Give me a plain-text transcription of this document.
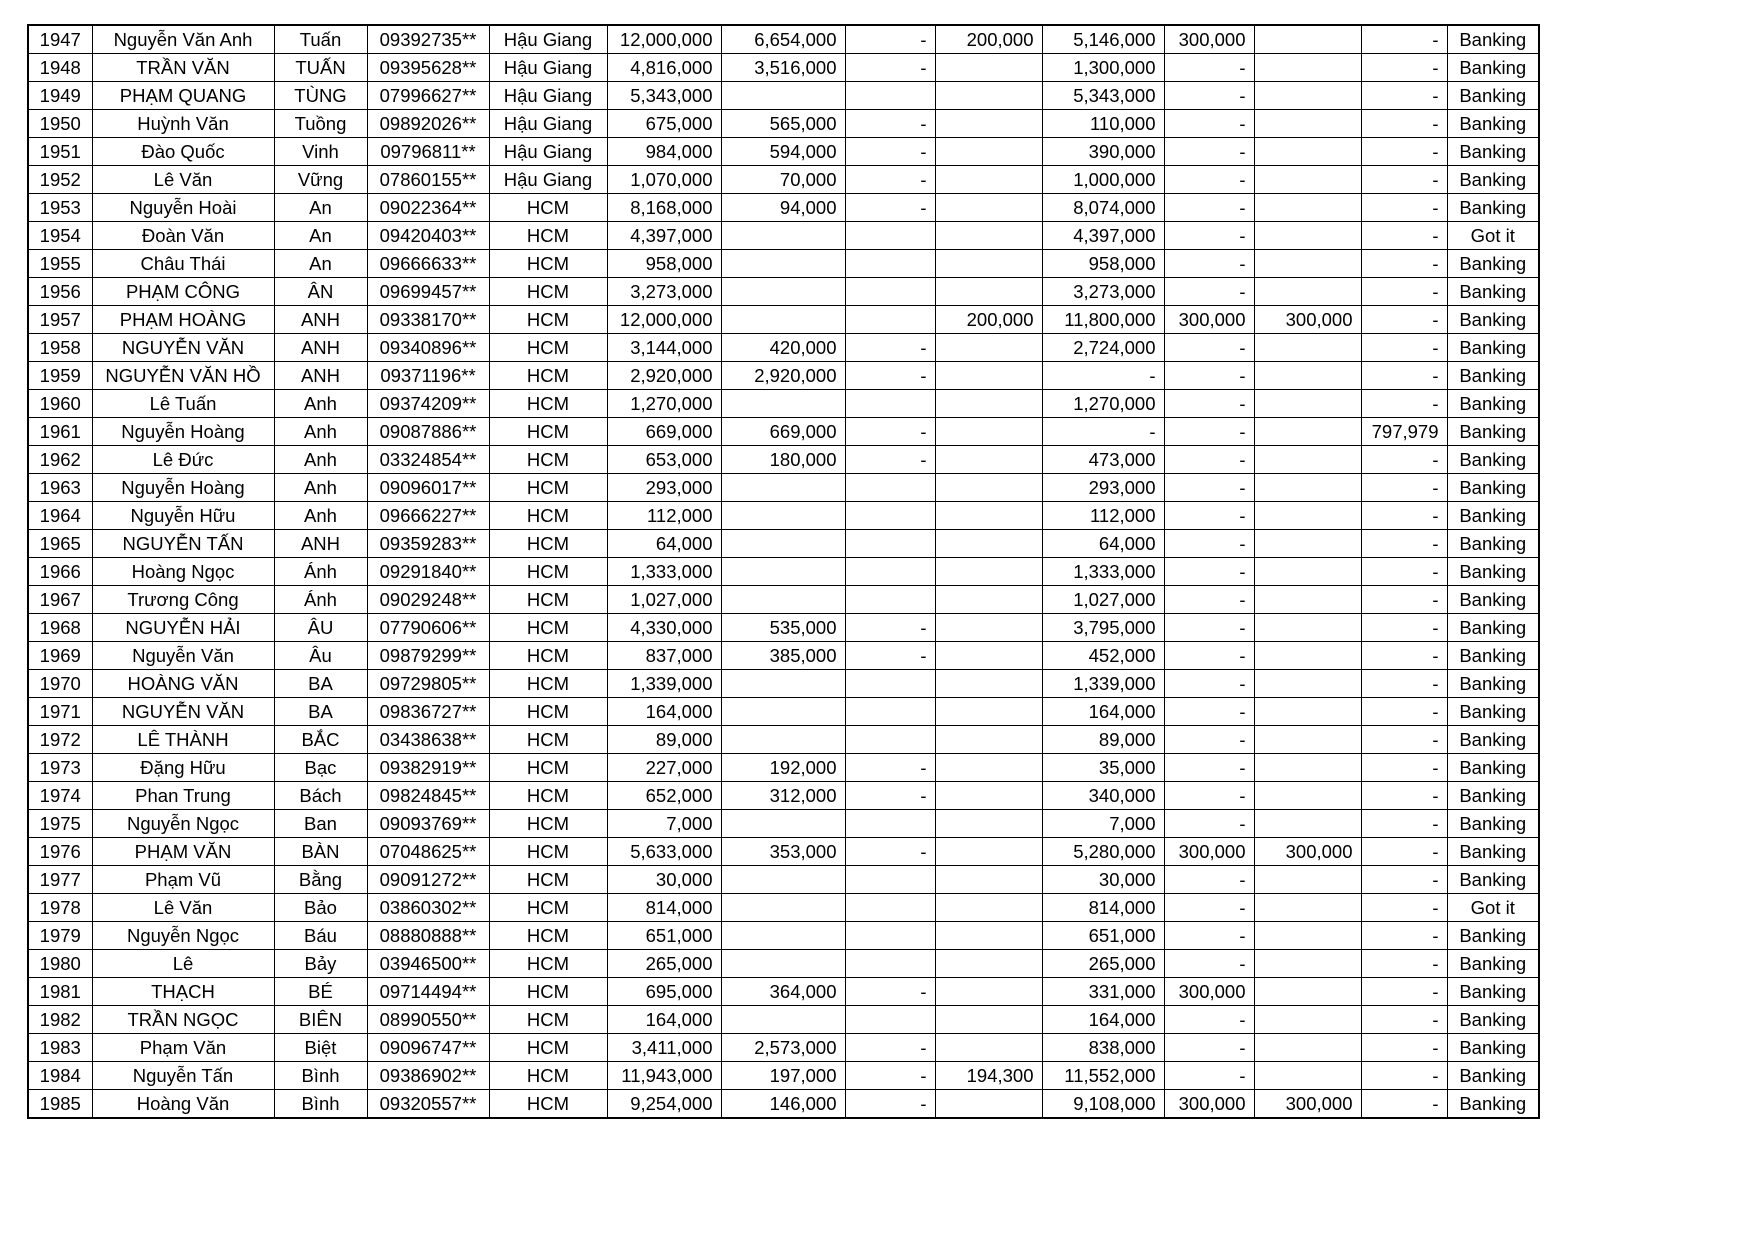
1947	Nguyễn Văn Anh	Tuấn	09392735**	Hậu Giang	12,000,000	6,654,000	-	200,000	5,146,000	300,000		-	Banking
1948	TRẦN VĂN	TUẤN	09395628**	Hậu Giang	4,816,000	3,516,000	-		1,300,000	-		-	Banking
1949	PHẠM QUANG	TÙNG	07996627**	Hậu Giang	5,343,000				5,343,000	-		-	Banking
1950	Huỳnh Văn	Tuồng	09892026**	Hậu Giang	675,000	565,000	-		110,000	-		-	Banking
1951	Đào Quốc	Vinh	09796811**	Hậu Giang	984,000	594,000	-		390,000	-		-	Banking
1952	Lê Văn	Vững	07860155**	Hậu Giang	1,070,000	70,000	-		1,000,000	-		-	Banking
1953	Nguyễn Hoài	An	09022364**	HCM	8,168,000	94,000	-		8,074,000	-		-	Banking
1954	Đoàn Văn	An	09420403**	HCM	4,397,000				4,397,000	-		-	Got it
1955	Châu Thái	An	09666633**	HCM	958,000				958,000	-		-	Banking
1956	PHẠM CÔNG	ÂN	09699457**	HCM	3,273,000				3,273,000	-		-	Banking
1957	PHẠM HOÀNG	ANH	09338170**	HCM	12,000,000			200,000	11,800,000	300,000	300,000	-	Banking
1958	NGUYỄN VĂN	ANH	09340896**	HCM	3,144,000	420,000	-		2,724,000	-		-	Banking
1959	NGUYỄN VĂN HỒ	ANH	09371196**	HCM	2,920,000	2,920,000	-		-	-		-	Banking
1960	Lê Tuấn	Anh	09374209**	HCM	1,270,000				1,270,000	-		-	Banking
1961	Nguyễn Hoàng	Anh	09087886**	HCM	669,000	669,000	-		-	-		797,979	Banking
1962	Lê Đức	Anh	03324854**	HCM	653,000	180,000	-		473,000	-		-	Banking
1963	Nguyễn Hoàng	Anh	09096017**	HCM	293,000				293,000	-		-	Banking
1964	Nguyễn Hữu	Anh	09666227**	HCM	112,000				112,000	-		-	Banking
1965	NGUYỄN TẤN	ANH	09359283**	HCM	64,000				64,000	-		-	Banking
1966	Hoàng Ngọc	Ánh	09291840**	HCM	1,333,000				1,333,000	-		-	Banking
1967	Trương Công	Ánh	09029248**	HCM	1,027,000				1,027,000	-		-	Banking
1968	NGUYỄN HẢI	ÂU	07790606**	HCM	4,330,000	535,000	-		3,795,000	-		-	Banking
1969	Nguyễn Văn	Âu	09879299**	HCM	837,000	385,000	-		452,000	-		-	Banking
1970	HOÀNG VĂN	BA	09729805**	HCM	1,339,000				1,339,000	-		-	Banking
1971	NGUYỄN VĂN	BA	09836727**	HCM	164,000				164,000	-		-	Banking
1972	LÊ THÀNH	BẮC	03438638**	HCM	89,000				89,000	-		-	Banking
1973	Đặng Hữu	Bạc	09382919**	HCM	227,000	192,000	-		35,000	-		-	Banking
1974	Phan Trung	Bách	09824845**	HCM	652,000	312,000	-		340,000	-		-	Banking
1975	Nguyễn Ngọc	Ban	09093769**	HCM	7,000				7,000	-		-	Banking
1976	PHẠM VĂN	BÀN	07048625**	HCM	5,633,000	353,000	-		5,280,000	300,000	300,000	-	Banking
1977	Phạm Vũ	Bằng	09091272**	HCM	30,000				30,000	-		-	Banking
1978	Lê Văn	Bảo	03860302**	HCM	814,000				814,000	-		-	Got it
1979	Nguyễn Ngọc	Báu	08880888**	HCM	651,000				651,000	-		-	Banking
1980	Lê	Bảy	03946500**	HCM	265,000				265,000	-		-	Banking
1981	THẠCH	BÉ	09714494**	HCM	695,000	364,000	-		331,000	300,000		-	Banking
1982	TRẦN NGỌC	BIÊN	08990550**	HCM	164,000				164,000	-		-	Banking
1983	Phạm Văn	Biệt	09096747**	HCM	3,411,000	2,573,000	-		838,000	-		-	Banking
1984	Nguyễn Tấn	Bình	09386902**	HCM	11,943,000	197,000	-	194,300	11,552,000	-		-	Banking
1985	Hoàng Văn	Bình	09320557**	HCM	9,254,000	146,000	-		9,108,000	300,000	300,000	-	Banking
